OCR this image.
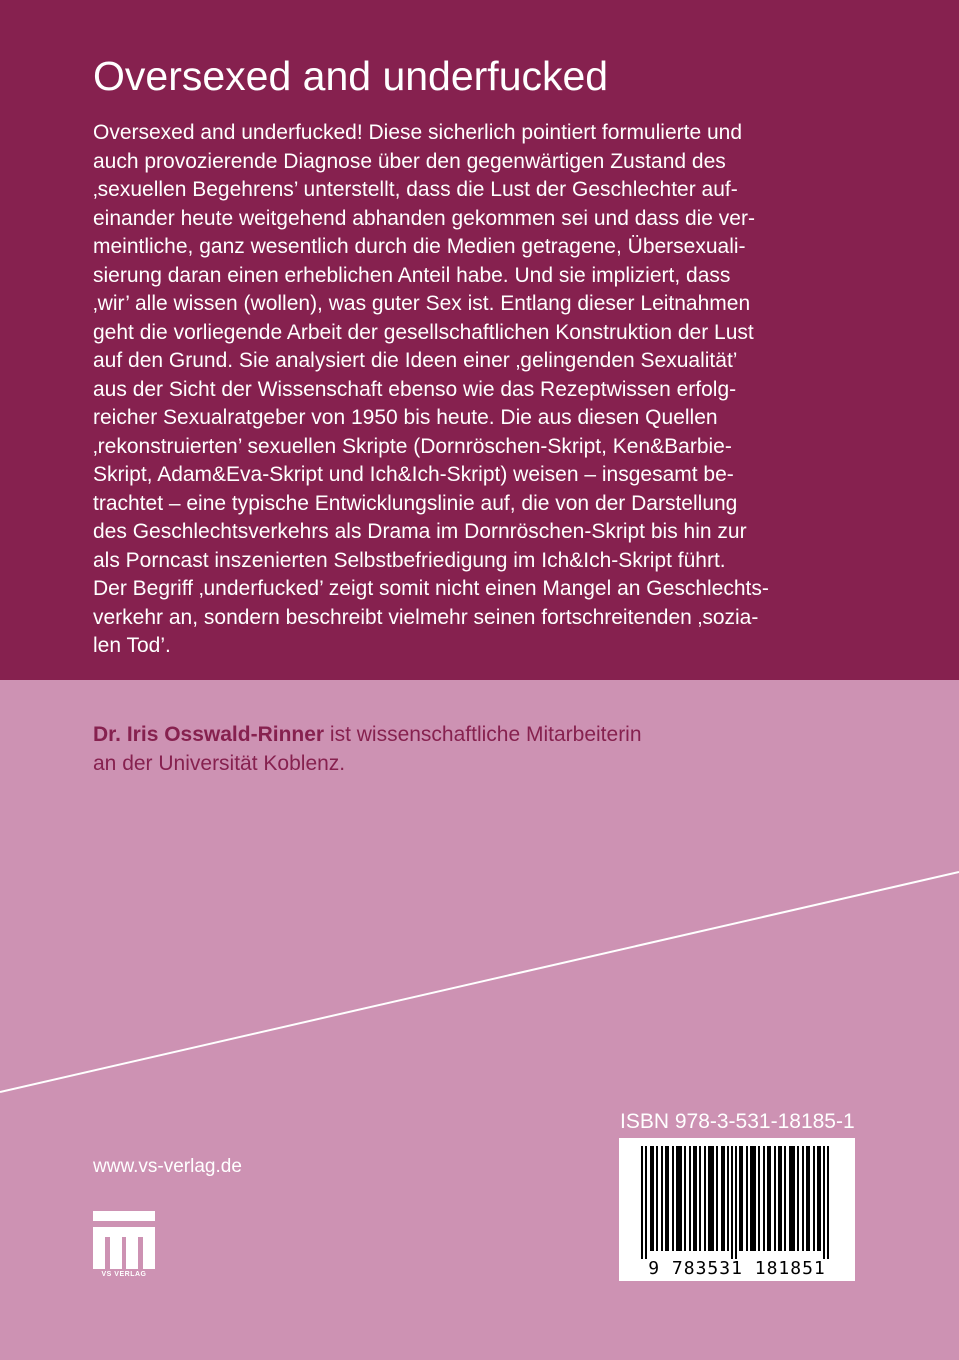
Oversexed and underfucked
Oversexed and underfucked! Diese sicherlich pointiert formulierte und
auch provozierende Diagnose über den gegenwärtigen Zustand des
‚sexuellen Begehrens’ unterstellt, dass die Lust der Geschlechter auf-
einander heute weitgehend abhanden gekommen sei und dass die ver-
meintliche, ganz wesentlich durch die Medien getragene, Übersexuali-
sierung daran einen erheblichen Anteil habe. Und sie impliziert, dass
‚wir’ alle wissen (wollen), was guter Sex ist. Entlang dieser Leitnahmen
geht die vorliegende Arbeit der gesellschaftlichen Konstruktion der Lust
auf den Grund. Sie analysiert die Ideen einer ‚gelingenden Sexualität’
aus der Sicht der Wissenschaft ebenso wie das Rezeptwissen erfolg-
reicher Sexualratgeber von 1950 bis heute. Die aus diesen Quellen
‚rekonstruierten’ sexuellen Skripte (Dornröschen-Skript, Ken&Barbie-
Skript, Adam&Eva-Skript und Ich&Ich-Skript) weisen – insgesamt be-
trachtet – eine typische Entwicklungslinie auf, die von der Darstellung
des Geschlechtsverkehrs als Drama im Dornröschen-Skript bis hin zur
als Porncast inszenierten Selbstbefriedigung im Ich&Ich-Skript führt.
Der Begriff ‚underfucked’ zeigt somit nicht einen Mangel an Geschlechts-
verkehr an, sondern beschreibt vielmehr seinen fortschreitenden ‚sozia-
len Tod’.
Dr. Iris Osswald-Rinner ist wissenschaftliche Mitarbeiterin
an der Universität Koblenz.
ISBN 978-3-531-18185-1
9 783531 181851
www.vs-verlag.de
VS VERLAG
